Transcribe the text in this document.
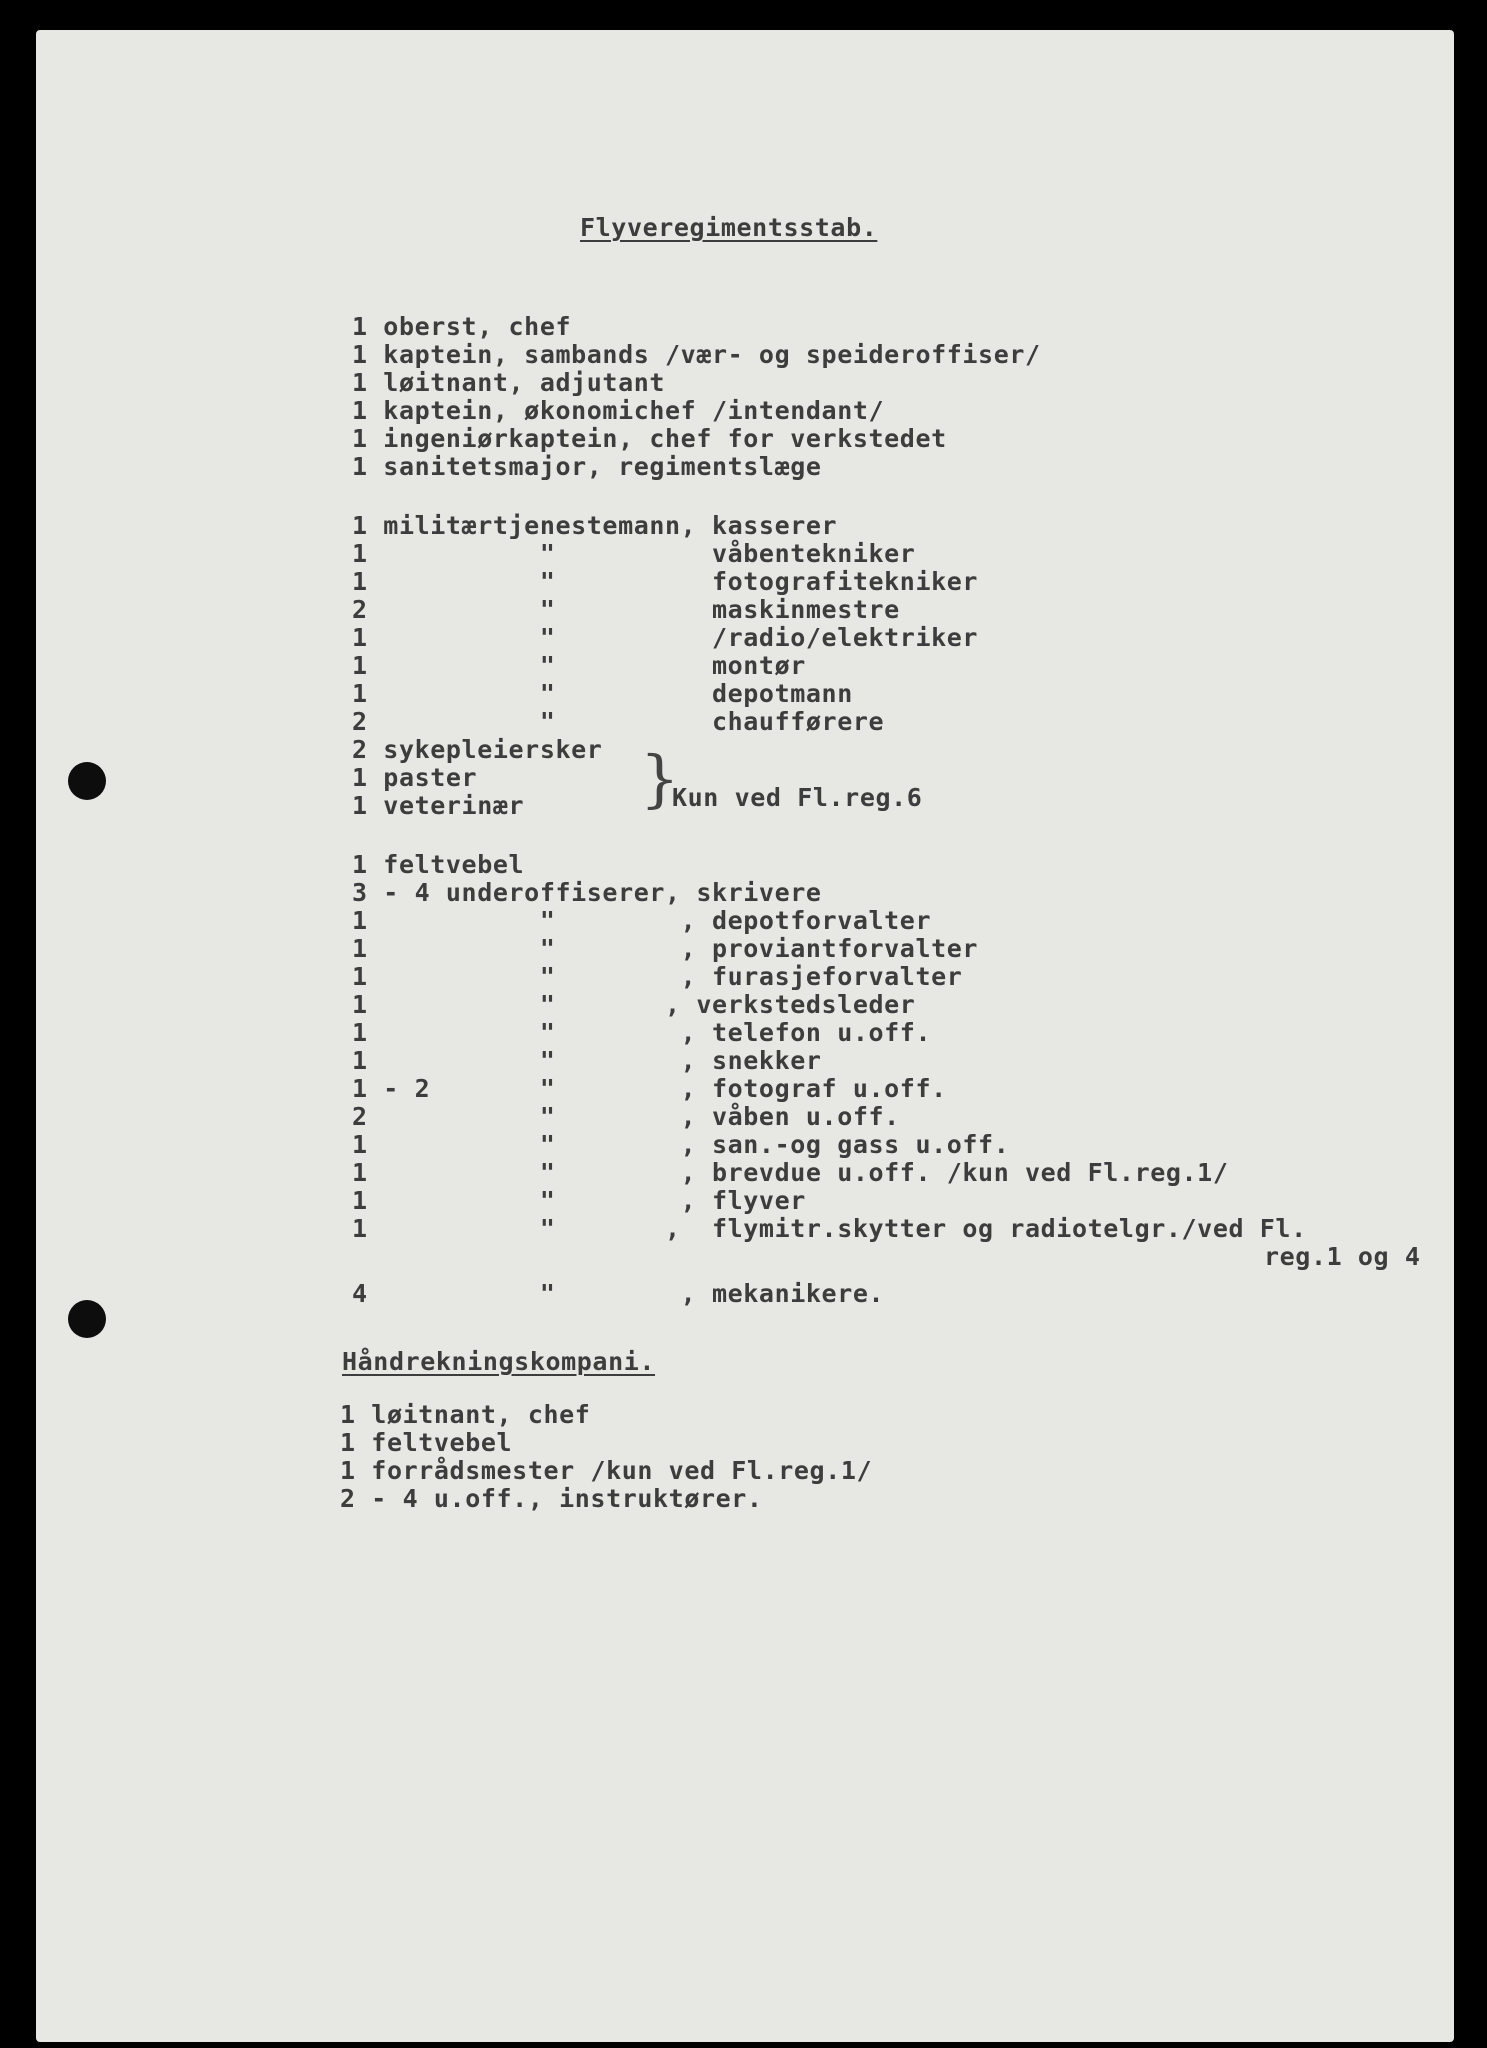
Flyveregimentsstab.

1 oberst, chef

1 kaptein, sambands /vær- og speideroffiser/

1 løitnant, adjutant

1 kaptein, økonomichef /intendant/

1 ingeniørkaptein, chef for verkstedet

1 sanitetsmajor, regimentslæge

1 militærtjenestemann, kasserer

1           "          våbentekniker

1           "          fotografitekniker

2           "          maskinmestre

1           "          /radio/elektriker

1           "          montør

1           "          depotmann

2           "          chaufførere

2 sykepleiersker

1 paster

1 veterinær }

Kun ved Fl.reg.6

1 feltvebel

3 - 4 underoffiserer, skrivere

1           "        , depotforvalter

1           "        , proviantforvalter

1           "        , furasjeforvalter

1           "       , verkstedsleder

1           "        , telefon u.off.

1           "        , snekker

1 - 2       "        , fotograf u.off.

2           "        , våben u.off.

1           "        , san.-og gass u.off.

1           "        , brevdue u.off. /kun ved Fl.reg.1/

1           "        , flyver

1           "       ,  flymitr.skytter og radiotelgr./ved Fl.

reg.1 og 4

4           "        , mekanikere.

Håndrekningskompani.

1 løitnant, chef

1 feltvebel

1 forrådsmester /kun ved Fl.reg.1/

2 - 4 u.off., instruktører.
